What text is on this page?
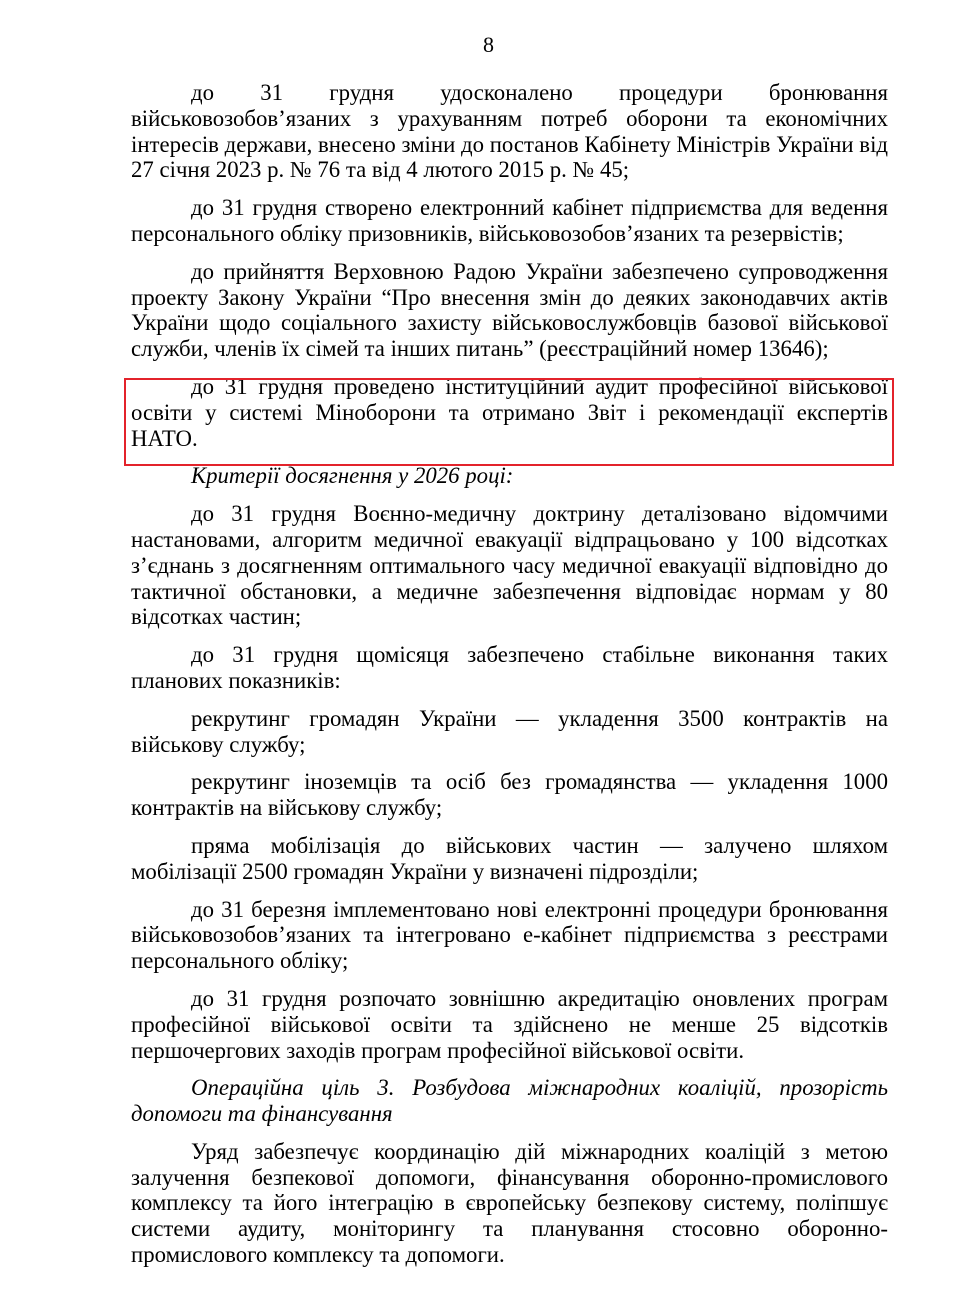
8

до 31 грудня удосконалено процедури бронювання військовозобов’язаних з урахуванням потреб оборони та економічних інтересів держави, внесено зміни до постанов Кабінету Міністрів України від 27 січня 2023 р. № 76 та від 4 лютого 2015 р. № 45;

до 31 грудня створено електронний кабінет підприємства для ведення персонального обліку призовників, військовозобов’язаних та резервістів;

до прийняття Верховною Радою України забезпечено супроводження проекту Закону України “Про внесення змін до деяких законодавчих актів України щодо соціального захисту військовослужбовців базової військової служби, членів їх сімей та інших питань” (реєстраційний номер 13646);

до 31 грудня проведено інституційний аудит професійної військової освіти у системі Міноборони та отримано Звіт і рекомендації експертів НАТО.

Критерії досягнення у 2026 році:

до 31 грудня Воєнно-медичну доктрину деталізовано відомчими настановами, алгоритм медичної евакуації відпрацьовано у 100 відсотках з’єднань з досягненням оптимального часу медичної евакуації відповідно до тактичної обстановки, а медичне забезпечення відповідає нормам у 80 відсотках частин;

до 31 грудня щомісяця забезпечено стабільне виконання таких планових показників:

рекрутинг громадян України — укладення 3500 контрактів на військову службу;

рекрутинг іноземців та осіб без громадянства — укладення 1000 контрактів на військову службу;

пряма мобілізація до військових частин — залучено шляхом мобілізації 2500 громадян України у визначені підрозділи;

до 31 березня імплементовано нові електронні процедури бронювання військовозобов’язаних та інтегровано е-кабінет підприємства з реєстрами персонального обліку;

до 31 грудня розпочато зовнішню акредитацію оновлених програм професійної військової освіти та здійснено не менше 25 відсотків першочергових заходів програм професійної військової освіти.

Операційна ціль 3. Розбудова міжнародних коаліцій, прозорість допомоги та фінансування

Уряд забезпечує координацію дій міжнародних коаліцій з метою залучення безпекової допомоги, фінансування оборонно-промислового комплексу та його інтеграцію в європейську безпекову систему, поліпшує системи аудиту, моніторингу та планування стосовно оборонно-промислового комплексу та допомоги.
